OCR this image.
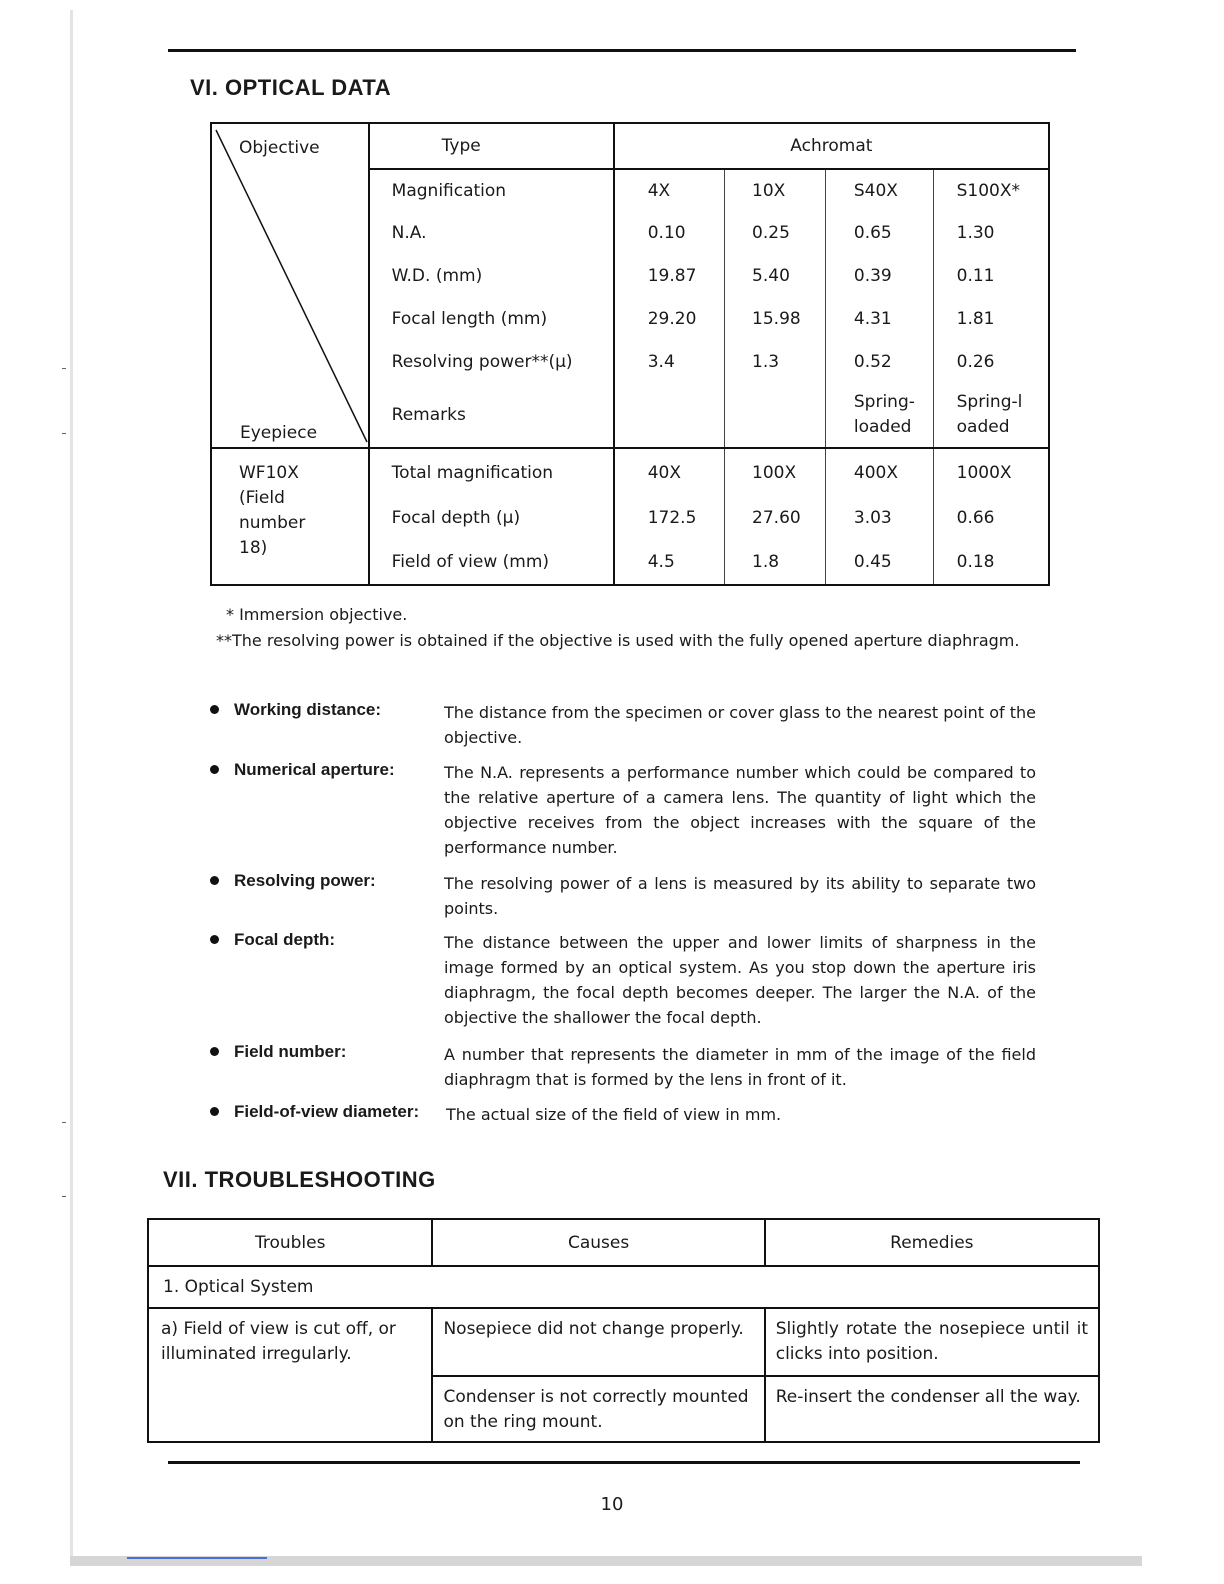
VI. OPTICAL DATA
Objective
Eyepiece	Type	Achromat			
	Magnification	4X	10X	S40X	S100X*
	N.A.	0.10	0.25	0.65	1.30
	W.D. (mm)	19.87	5.40	0.39	0.11
	Focal length (mm)	29.20	15.98	4.31	1.81
	Resolving power**(μ)	3.4	1.3	0.52	0.26
	Remarks			Spring-loaded	Spring-loaded
WF10X (Field number 18)	Total magnification	40X	100X	400X	1000X
	Focal depth (μ)	172.5	27.60	3.03	0.66
	Field of view (mm)	4.5	1.8	0.45	0.18
* Immersion objective.
**The resolving power is obtained if the objective is used with the fully opened aperture diaphragm.
Working distance:	The distance from the specimen or cover glass to the nearest point of the objective.
Numerical aperture:	The N.A. represents a performance number which could be compared to the relative aperture of a camera lens. The quantity of light which the objective receives from the object increases with the square of the performance number.
Resolving power:	The resolving power of a lens is measured by its ability to separate two points.
Focal depth:	The distance between the upper and lower limits of sharpness in the image formed by an optical system. As you stop down the aperture iris diaphragm, the focal depth becomes deeper. The larger the N.A. of the objective the shallower the focal depth.
Field number:	A number that represents the diameter in mm of the image of the field diaphragm that is formed by the lens in front of it.
Field-of-view diameter: The actual size of the field of view in mm.
VII. TROUBLESHOOTING
Troubles	Causes	Remedies
1. Optical System		
a) Field of view is cut off, or illuminated irregularly.	Nosepiece did not change properly.	Slightly rotate the nosepiece until it clicks into position.
	Condenser is not correctly mounted on the ring mount.	Re-insert the condenser all the way.
10
